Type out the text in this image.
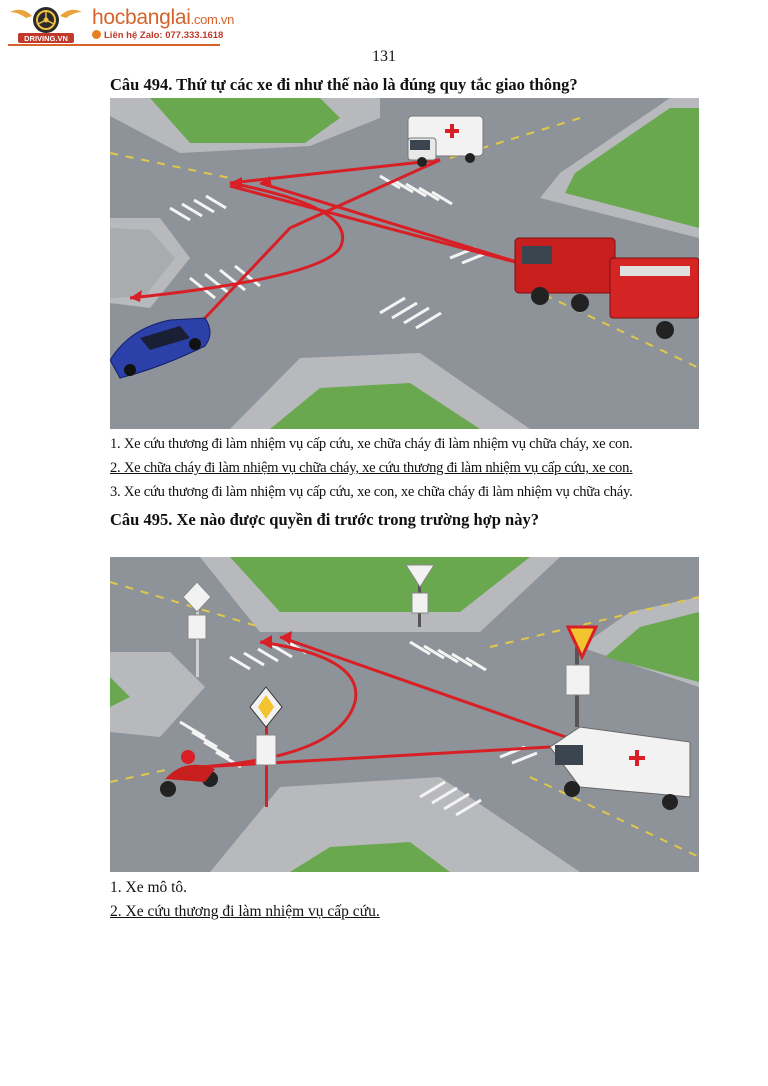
DRIVING.VN
hocbanglai.com.vn
Liên hệ Zalo: 077.333.1618
131
Câu 494. Thứ tự các xe đi như thế nào là đúng quy tắc giao thông?
1. Xe cứu thương đi làm nhiệm vụ cấp cứu, xe chữa cháy đi làm nhiệm vụ chữa cháy, xe con.
2. Xe chữa cháy đi làm nhiệm vụ chữa cháy, xe cứu thương đi làm nhiệm vụ cấp cứu, xe con.
3. Xe cứu thương đi làm nhiệm vụ cấp cứu, xe con, xe chữa cháy đi làm nhiệm vụ chữa cháy.
Câu 495. Xe nào được quyền đi trước trong trường hợp này?
1. Xe mô tô.
2. Xe cứu thương đi làm nhiệm vụ cấp cứu.
